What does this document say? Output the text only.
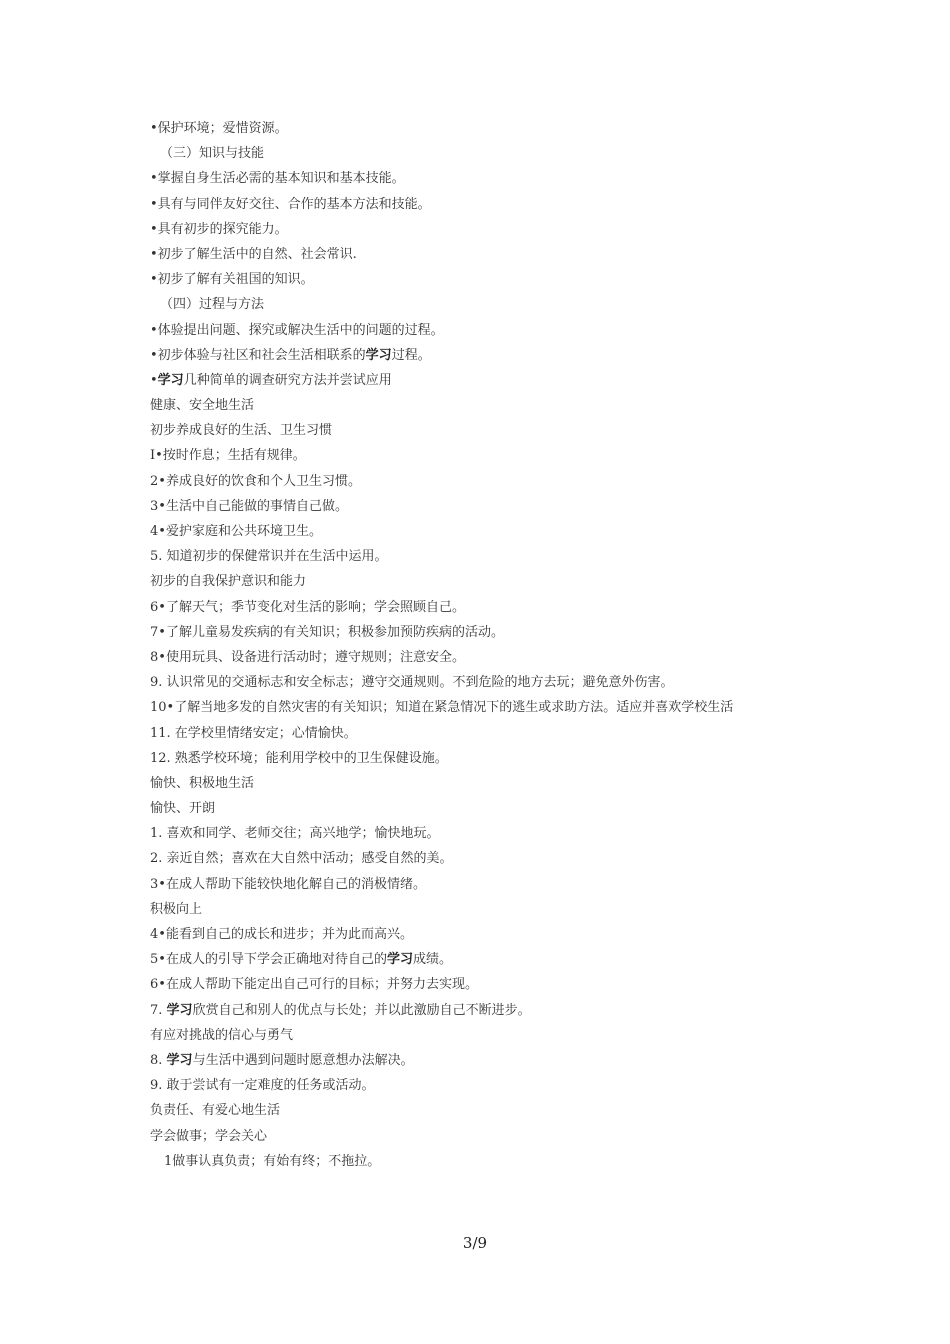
•保护环境；爱惜资源。
（三）知识与技能
•掌握自身生活必需的基本知识和基本技能。
•具有与同伴友好交往、合作的基本方法和技能。
•具有初步的探究能力。
•初步了解生活中的自然、社会常识.
•初步了解有关祖国的知识。
（四）过程与方法
•体验提出问题、探究或解决生活中的问题的过程。
•初步体验与社区和社会生活相联系的学习过程。
•学习几种简单的调查研究方法并尝试应用
健康、安全地生活
初步养成良好的生活、卫生习惯
I•按时作息；生括有规律。
2•养成良好的饮食和个人卫生习惯。
3•生活中自己能做的事情自己做。
4•爱护家庭和公共环境卫生。
5. 知道初步的保健常识并在生活中运用。
初步的自我保护意识和能力
6•了解天气；季节变化对生活的影响；学会照顾自己。
7•了解儿童易发疾病的有关知识；积极参加预防疾病的活动。
8•使用玩具、设备进行活动时；遵守规则；注意安全。
9. 认识常见的交通标志和安全标志；遵守交通规则。不到危险的地方去玩；避免意外伤害。
10•了解当地多发的自然灾害的有关知识；知道在紧急情况下的逃生或求助方法。适应并喜欢学校生活
11. 在学校里情绪安定；心情愉快。
12. 熟悉学校环境；能利用学校中的卫生保健设施。
愉快、积极地生活
愉快、开朗
1. 喜欢和同学、老师交往；高兴地学；愉快地玩。
2. 亲近自然；喜欢在大自然中活动；感受自然的美。
3•在成人帮助下能较快地化解自己的消极情绪。
积极向上
4•能看到自己的成长和进步；并为此而高兴。
5•在成人的引导下学会正确地对待自己的学习成绩。
6•在成人帮助下能定出自己可行的目标；并努力去实现。
7. 学习欣赏自己和别人的优点与长处；并以此激励自己不断进步。
有应对挑战的信心与勇气
8. 学习与生活中遇到问题时愿意想办法解决。
9. 敢于尝试有一定难度的任务或活动。
负责任、有爱心地生活
学会做事；学会关心
1做事认真负责；有始有终；不拖拉。
3/9
